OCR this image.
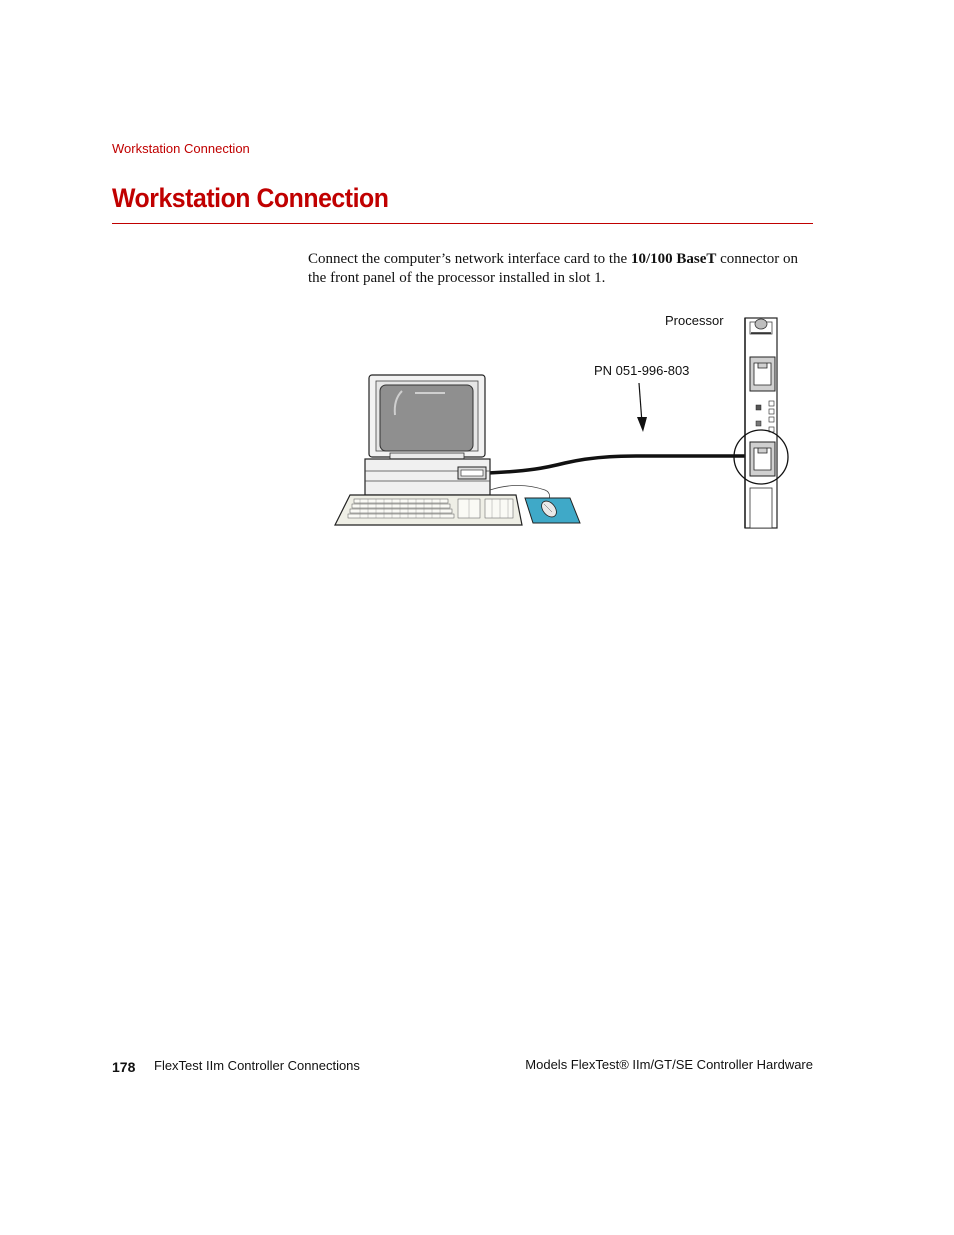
Workstation Connection
Workstation Connection

Connect the computer’s network interface card to the 10/100 BaseT connector on the front panel of the processor installed in slot 1.

Processor
PN 051-996-803
178 FlexTest IIm Controller Connections	Models FlexTest® IIm/GT/SE Controller Hardware
